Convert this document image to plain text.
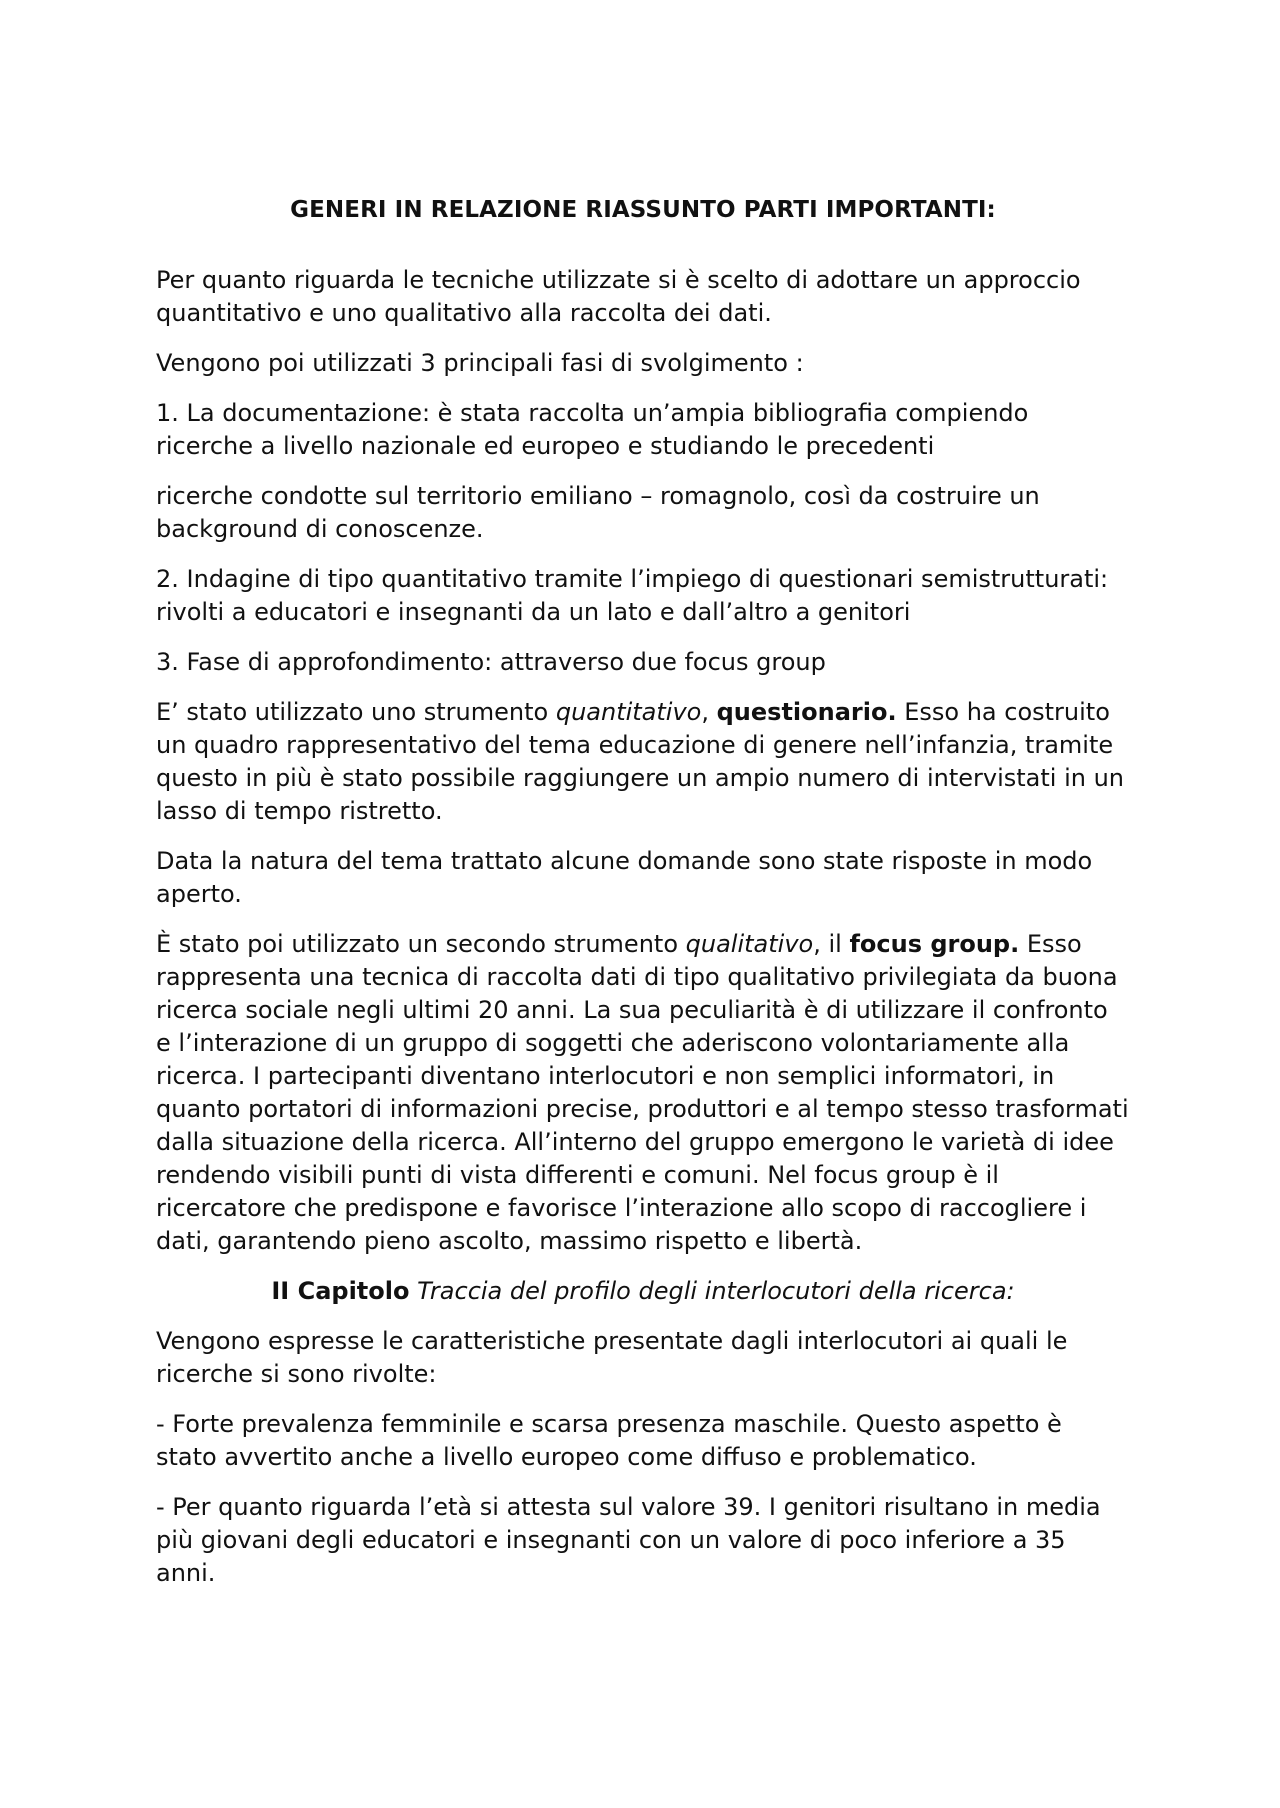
GENERI IN RELAZIONE RIASSUNTO PARTI IMPORTANTI:

Per quanto riguarda le tecniche utilizzate si è scelto di adottare un approccio quantitativo e uno qualitativo alla raccolta dei dati.

Vengono poi utilizzati 3 principali fasi di svolgimento :

1. La documentazione: è stata raccolta un’ampia bibliografia compiendo ricerche a livello nazionale ed europeo e studiando le precedenti

ricerche condotte sul territorio emiliano – romagnolo, così da costruire un background di conoscenze.

2. Indagine di tipo quantitativo tramite l’impiego di questionari semistrutturati: rivolti a educatori e insegnanti da un lato e dall’altro a genitori

3. Fase di approfondimento: attraverso due focus group

E’ stato utilizzato uno strumento quantitativo, questionario. Esso ha costruito un quadro rappresentativo del tema educazione di genere nell’infanzia, tramite questo in più è stato possibile raggiungere un ampio numero di intervistati in un lasso di tempo ristretto.

Data la natura del tema trattato alcune domande sono state risposte in modo aperto.

È stato poi utilizzato un secondo strumento qualitativo, il focus group. Esso rappresenta una tecnica di raccolta dati di tipo qualitativo privilegiata da buona ricerca sociale negli ultimi 20 anni. La sua peculiarità è di utilizzare il confronto e l’interazione di un gruppo di soggetti che aderiscono volontariamente alla ricerca. I partecipanti diventano interlocutori e non semplici informatori, in quanto portatori di informazioni precise, produttori e al tempo stesso trasformati dalla situazione della ricerca. All’interno del gruppo emergono le varietà di idee rendendo visibili punti di vista differenti e comuni. Nel focus group è il ricercatore che predispone e favorisce l’interazione allo scopo di raccogliere i dati, garantendo pieno ascolto, massimo rispetto e libertà.

II Capitolo Traccia del profilo degli interlocutori della ricerca:

Vengono espresse le caratteristiche presentate dagli interlocutori ai quali le ricerche si sono rivolte:

- Forte prevalenza femminile e scarsa presenza maschile. Questo aspetto è stato avvertito anche a livello europeo come diffuso e problematico.

- Per quanto riguarda l’età si attesta sul valore 39. I genitori risultano in media più giovani degli educatori e insegnanti con un valore di poco inferiore a 35 anni.
